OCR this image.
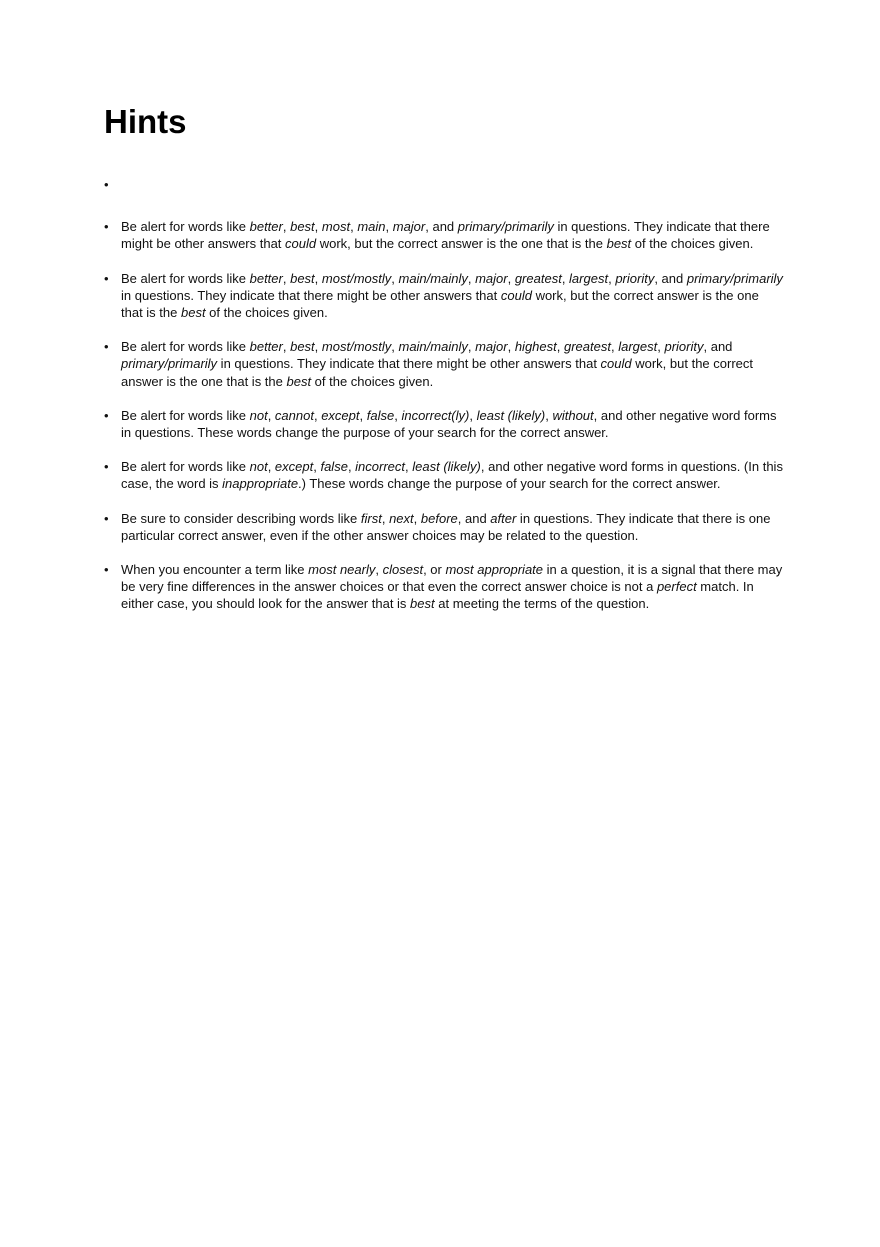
Hints
•
• Be alert for words like better, best, most, main, major, and primary/primarily in questions. They indicate that there might be other answers that could work, but the correct answer is the one that is the best of the choices given.
• Be alert for words like better, best, most/mostly, main/mainly, major, greatest, largest, priority, and primary/primarily in questions. They indicate that there might be other answers that could work, but the correct answer is the one that is the best of the choices given.
• Be alert for words like better, best, most/mostly, main/mainly, major, highest, greatest, largest, priority, and primary/primarily in questions. They indicate that there might be other answers that could work, but the correct answer is the one that is the best of the choices given.
• Be alert for words like not, cannot, except, false, incorrect(ly), least (likely), without, and other negative word forms in questions. These words change the purpose of your search for the correct answer.
• Be alert for words like not, except, false, incorrect, least (likely), and other negative word forms in questions. (In this case, the word is inappropriate.) These words change the purpose of your search for the correct answer.
• Be sure to consider describing words like first, next, before, and after in questions. They indicate that there is one particular correct answer, even if the other answer choices may be related to the question.
• When you encounter a term like most nearly, closest, or most appropriate in a question, it is a signal that there may be very fine differences in the answer choices or that even the correct answer choice is not a perfect match. In either case, you should look for the answer that is best at meeting the terms of the question.
